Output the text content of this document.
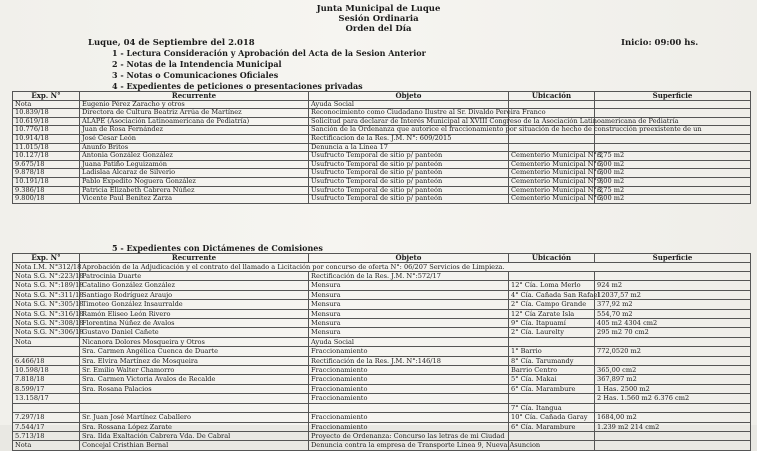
Junta Municipal de Luque
Sesión Ordinaria
Orden del Día
Luque, 04 de Septiembre del 2.018	Inicio: 09:00 hs.
1 - Lectura Consideración y Aprobación del Acta de la Sesion Anterior
2 - Notas de la Intendencia Municipal
3 - Notas o Comunicaciones Oficiales
4 - Expedientes de peticiones o presentaciones privadas
Exp. N°	Recurrente	Objeto	Ubicación	Superficie
Nota	Eugenio Pérez Zaracho y otros	Ayuda Social		
10.839/18	Directora de Cultura Beatriz Arrúa de Martínez	Reconocimiento como Ciudadano Ilustre al Sr. Divaldo Pereira Franco		
10.619/18	ALAPE (Asociación Latinoamericana de Pediatría)	Solicitud para declarar de Interés Municipal al XVIII Congreso de la Asociación Latinoamericana de Pediatría		
10.776/18	Juan de Rosa Fernández	Sanción de la Ordenanza que autorice el fraccionamiento por situación de hecho de construcción preexistente de un		
10.914/18	José Cesar León	Rectificacion de la Res. J.M. N°: 609/2015		
11.015/18	Anunfo Britos	Denuncia a la Linea 17		
10.127/18	Antonia González González	Usufructo Temporal de sitio p/ panteón	Cementerio Municipal N°:2	8,75 m2
9.675/18	Juana Patiño Leguizamón	Usufructo Temporal de sitio p/ panteón	Cementerio Municipal N°:3	6,00 m2
9.878/18	Ladislaa Alcaraz de Silverio	Usufructo Temporal de sitio p/ panteón	Cementerio Municipal N°:3	6,00 m2
10.191/18	Pablo Expedito Noguera González	Usufructo Temporal de sitio p/ panteón	Cementerio Municipal N°:3	9,00 m2
9.386/18	Patricia Elizabeth Cabrera Núñez	Usufructo Temporal de sitio p/ panteón	Cementerio Municipal N°:2	8,75 m2
9.800/18	Vicente Paul Benítez Zarza	Usufructo Temporal de sitio p/ panteón	Cementerio Municipal N°:3	6,00 m2
5 - Expedientes con Dictámenes de Comisiones
Exp. N°	Recurrente	Objeto	Ubicación	Superficie
Nota I.M. N°312/18	Aprobación de la Adjudicación y el contrato del llamado a Licitación por concurso de oferta N°: 06/207 Servicios de Limpieza.			
Nota S.G. N°:223/18	Patrocinia Duarte	Rectificación de la Res. J.M. N°:572/17		
Nota S.G. N°:189/18	Catalino González González	Mensura	12° Cía. Loma Merlo	924 m2
Nota S.G. N°:311/18	Santiago Rodríguez Araujo	Mensura	4° Cía. Cañada San Rafael	12037,57 m2
Nota S.G. N°:305/18	Timoteo González Insaurralde	Mensura	2° Cía. Campo Grande	377,92 m2
Nota S.G. N°:316/18	Ramón Eliseo León Rivero	Mensura	12° Cía Zarate Isla	554,70 m2
Nota S.G. N°:308/18	Florentina Núñez de Avalos	Mensura	9° Cía. Itapuamí	405 m2 4304 cm2
Nota S.G. N°:306/18	Gustavo Daniel Cañete	Mensura	2° Cía. Laurelty	295 m2 70 cm2
Nota	Nicanora Dolores Mosqueira y Otros	Ayuda Social		
	Sra. Carmen Angélica Cuenca de Duarte	Fraccionamiento	1° Barrio	772,0520 m2
6.466/18	Sra. Elvira Martínez de Mosqueira	Rectificación de la Res. J.M. N°:146/18	8° Cía. Tarumandy	
10.598/18	Sr. Emilio Walter Chamorro	Fraccionamiento	Barrio Centro	365,00 cm2
7.818/18	Sra. Carmen Victoria Avalos de Recalde	Fraccionamiento	5° Cía. Makai	367,897 m2
8.599/17	Sra. Rosana Palacios	Fraccionamiento	6° Cía. Marambure	1 Has. 2500 m2
13.158/17		Fraccionamiento		2 Has. 1.560 m2 6.376 cm2
			7° Cía. Itangua	
7.297/18	Sr. Juan José Martínez Caballero	Fraccionamiento	10° Cía. Cañada Garay	1684,00 m2
7.544/17	Sra. Rossana López Zarate	Fraccionamiento	6° Cía. Marambure	1.239 m2 214 cm2
5.713/18	Sra. Ilda Exaltación Cabrera Vda. De Cabral	Proyecto de Ordenanza: Concurso las letras de mi Ciudad		
Nota	Concejal Cristhian Bernal	Denuncia contra la empresa de Transporte Linea 9, Nueva Asuncion		
